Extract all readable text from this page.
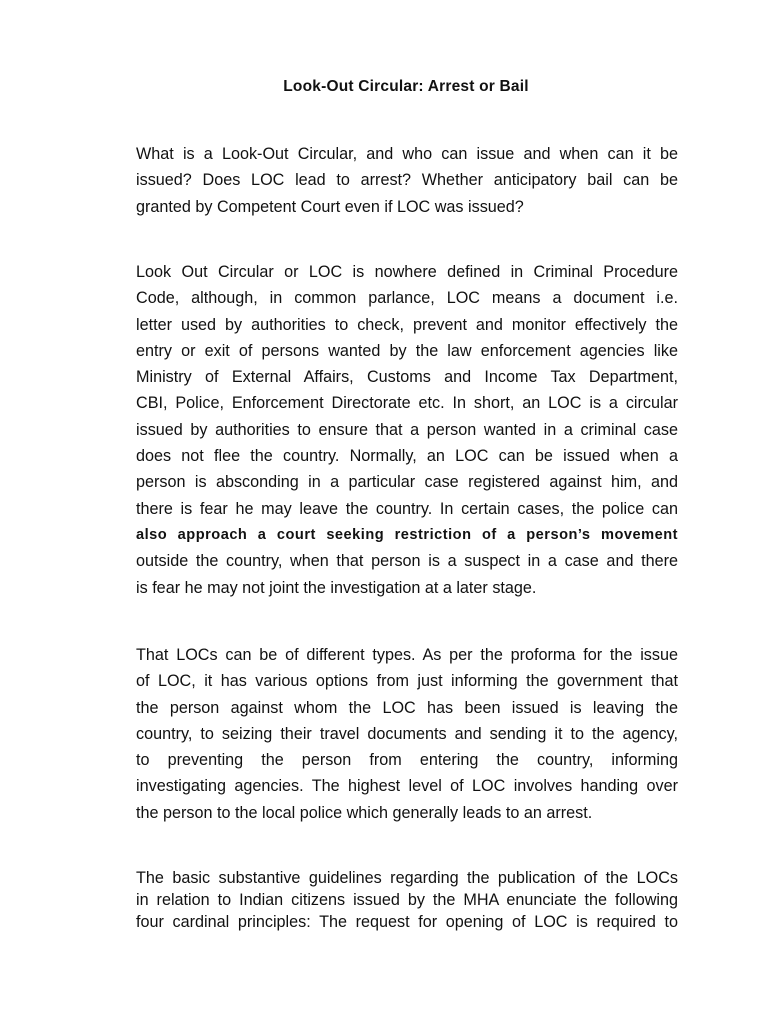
Look-Out Circular: Arrest or Bail
What is a Look-Out Circular, and who can issue and when can it be
issued? Does LOC lead to arrest? Whether anticipatory bail can be
granted by Competent Court even if LOC was issued?
Look Out Circular or LOC is nowhere defined in Criminal Procedure
Code, although, in common parlance, LOC means a document i.e.
letter used by authorities to check, prevent and monitor effectively the
entry or exit of persons wanted by the law enforcement agencies like
Ministry of External Affairs, Customs and Income Tax Department,
CBI, Police, Enforcement Directorate etc. In short, an LOC is a circular
issued by authorities to ensure that a person wanted in a criminal case
does not flee the country. Normally, an LOC can be issued when a
person is absconding in a particular case registered against him, and
there is fear he may leave the country. In certain cases, the police can
also approach a court seeking restriction of a person’s movement
outside the country, when that person is a suspect in a case and there
is fear he may not joint the investigation at a later stage.
That LOCs can be of different types. As per the proforma for the issue
of LOC, it has various options from just informing the government that
the person against whom the LOC has been issued is leaving the
country, to seizing their travel documents and sending it to the agency,
to preventing the person from entering the country, informing
investigating agencies. The highest level of LOC involves handing over
the person to the local police which generally leads to an arrest.
The basic substantive guidelines regarding the publication of the LOCs
in relation to Indian citizens issued by the MHA enunciate the following
four cardinal principles: The request for opening of LOC is required to
